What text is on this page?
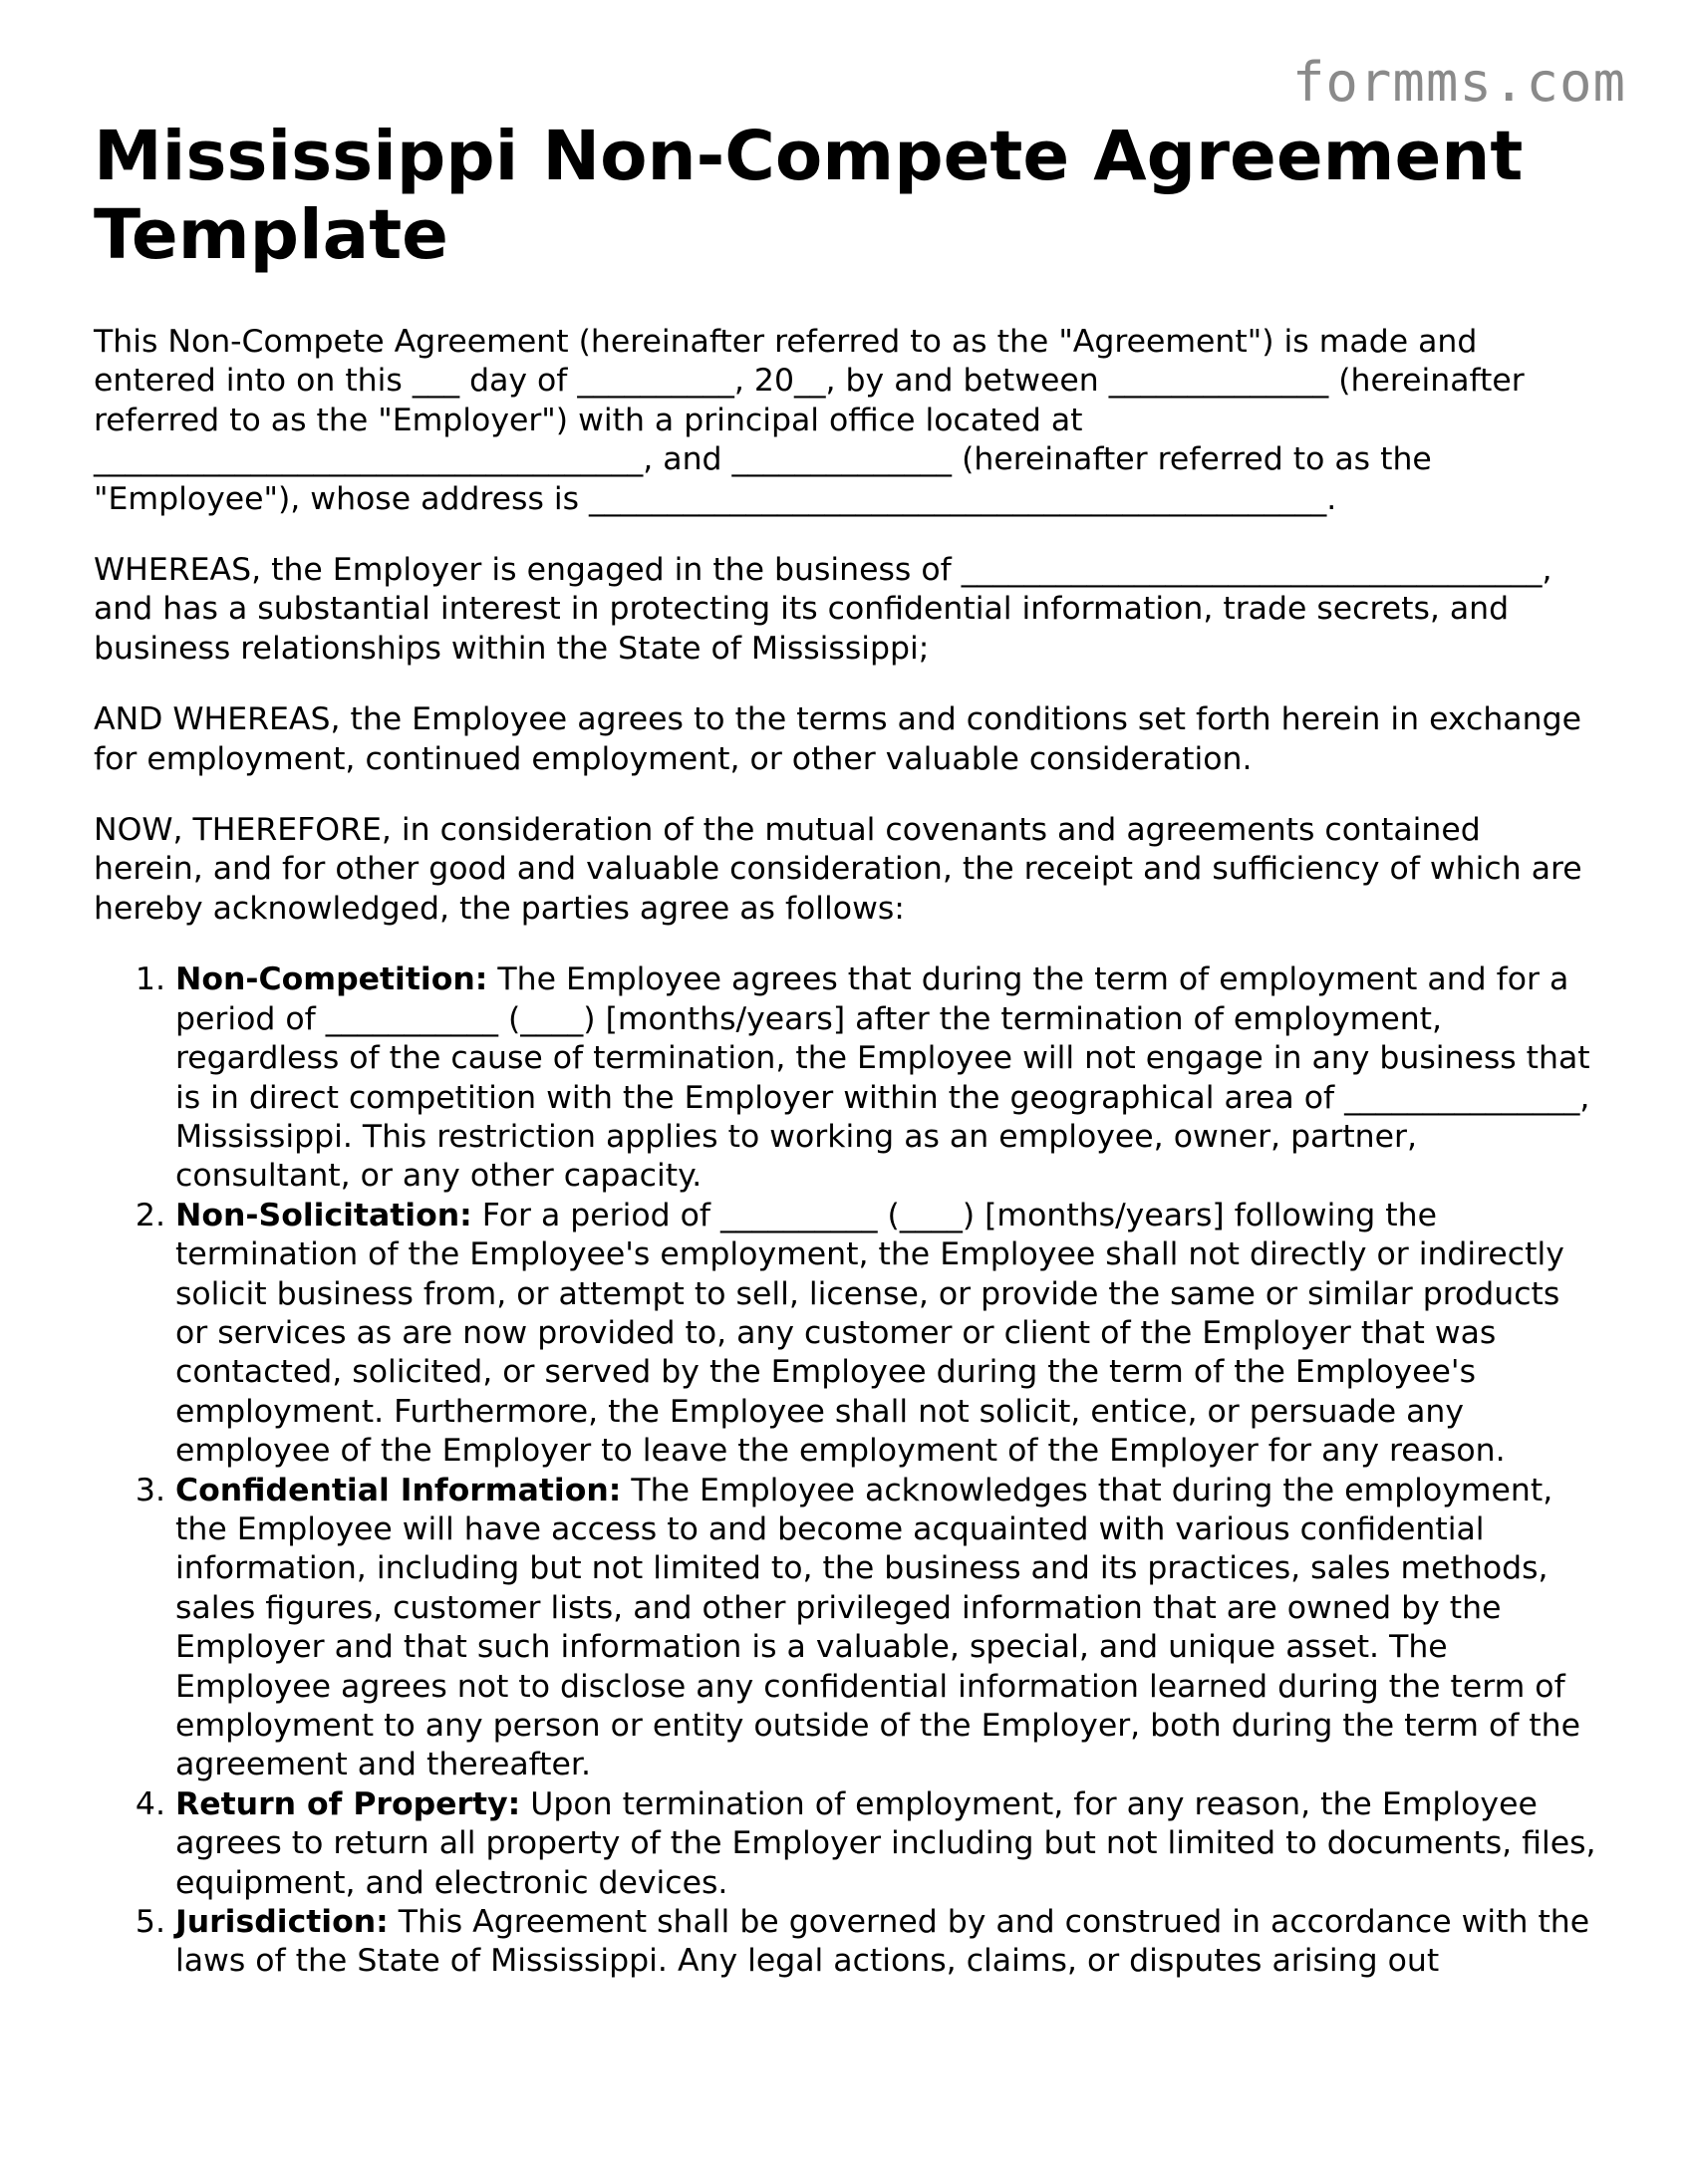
formms.com
Mississippi Non-Compete Agreement Template

This Non-Compete Agreement (hereinafter referred to as the "Agreement") is made and entered into on this ___ day of __________, 20__, by and between ______________ (hereinafter referred to as the "Employer") with a principal office located at ___________________________________, and ______________ (hereinafter referred to as the "Employee"), whose address is _______________________________________________.

WHEREAS, the Employer is engaged in the business of _____________________________________, and has a substantial interest in protecting its confidential information, trade secrets, and business relationships within the State of Mississippi;

AND WHEREAS, the Employee agrees to the terms and conditions set forth herein in exchange for employment, continued employment, or other valuable consideration.

NOW, THEREFORE, in consideration of the mutual covenants and agreements contained herein, and for other good and valuable consideration, the receipt and sufficiency of which are hereby acknowledged, the parties agree as follows:

1. Non-Competition: The Employee agrees that during the term of employment and for a period of ___________ (____) [months/years] after the termination of employment, regardless of the cause of termination, the Employee will not engage in any business that is in direct competition with the Employer within the geographical area of _______________, Mississippi. This restriction applies to working as an employee, owner, partner, consultant, or any other capacity.
2. Non-Solicitation: For a period of __________ (____) [months/years] following the termination of the Employee's employment, the Employee shall not directly or indirectly solicit business from, or attempt to sell, license, or provide the same or similar products or services as are now provided to, any customer or client of the Employer that was contacted, solicited, or served by the Employee during the term of the Employee's employment. Furthermore, the Employee shall not solicit, entice, or persuade any employee of the Employer to leave the employment of the Employer for any reason.
3. Confidential Information: The Employee acknowledges that during the employment, the Employee will have access to and become acquainted with various confidential information, including but not limited to, the business and its practices, sales methods, sales figures, customer lists, and other privileged information that are owned by the Employer and that such information is a valuable, special, and unique asset. The Employee agrees not to disclose any confidential information learned during the term of employment to any person or entity outside of the Employer, both during the term of the agreement and thereafter.
4. Return of Property: Upon termination of employment, for any reason, the Employee agrees to return all property of the Employer including but not limited to documents, files, equipment, and electronic devices.
5. Jurisdiction: This Agreement shall be governed by and construed in accordance with the laws of the State of Mississippi. Any legal actions, claims, or disputes arising out
